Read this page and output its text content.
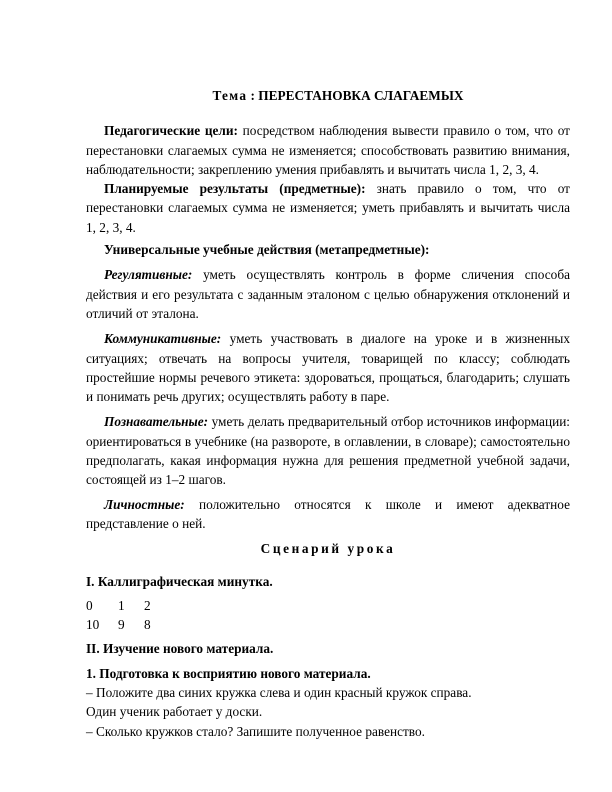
Тема : ПЕРЕСТАНОВКА СЛАГАЕМЫХ

Педагогические цели: посредством наблюдения вывести правило о том, что от перестановки слагаемых сумма не изменяется; способствовать развитию внимания, наблюдательности; закреплению умения прибавлять и вычитать числа 1, 2, 3, 4.

Планируемые результаты (предметные): знать правило о том, что от перестановки слагаемых сумма не изменяется; уметь прибавлять и вычитать числа 1, 2, 3, 4.

Универсальные учебные действия (метапредметные):

Регулятивные: уметь осуществлять контроль в форме сличения способа действия и его результата с заданным эталоном с целью обнаружения отклонений и отличий от эталона.

Коммуникативные: уметь участвовать в диалоге на уроке и в жизненных ситуациях; отвечать на вопросы учителя, товарищей по классу; соблюдать простейшие нормы речевого этикета: здороваться, прощаться, благодарить; слушать и понимать речь других; осуществлять работу в паре.

Познавательные: уметь делать предварительный отбор источников информации: ориентироваться в учебнике (на развороте, в оглавлении, в словаре); самостоятельно предполагать, какая информация нужна для решения предметной учебной задачи, состоящей из 1–2 шагов.

Личностные: положительно относятся к школе и имеют адекватное представление о ней.

Сценарий урока

I. Каллиграфическая минутка.

0	1	2
10	9	8

II. Изучение нового материала.

1. Подготовка к восприятию нового материала.

– Положите два синих кружка слева и один красный кружок справа.

Один ученик работает у доски.

– Сколько кружков стало? Запишите полученное равенство.
